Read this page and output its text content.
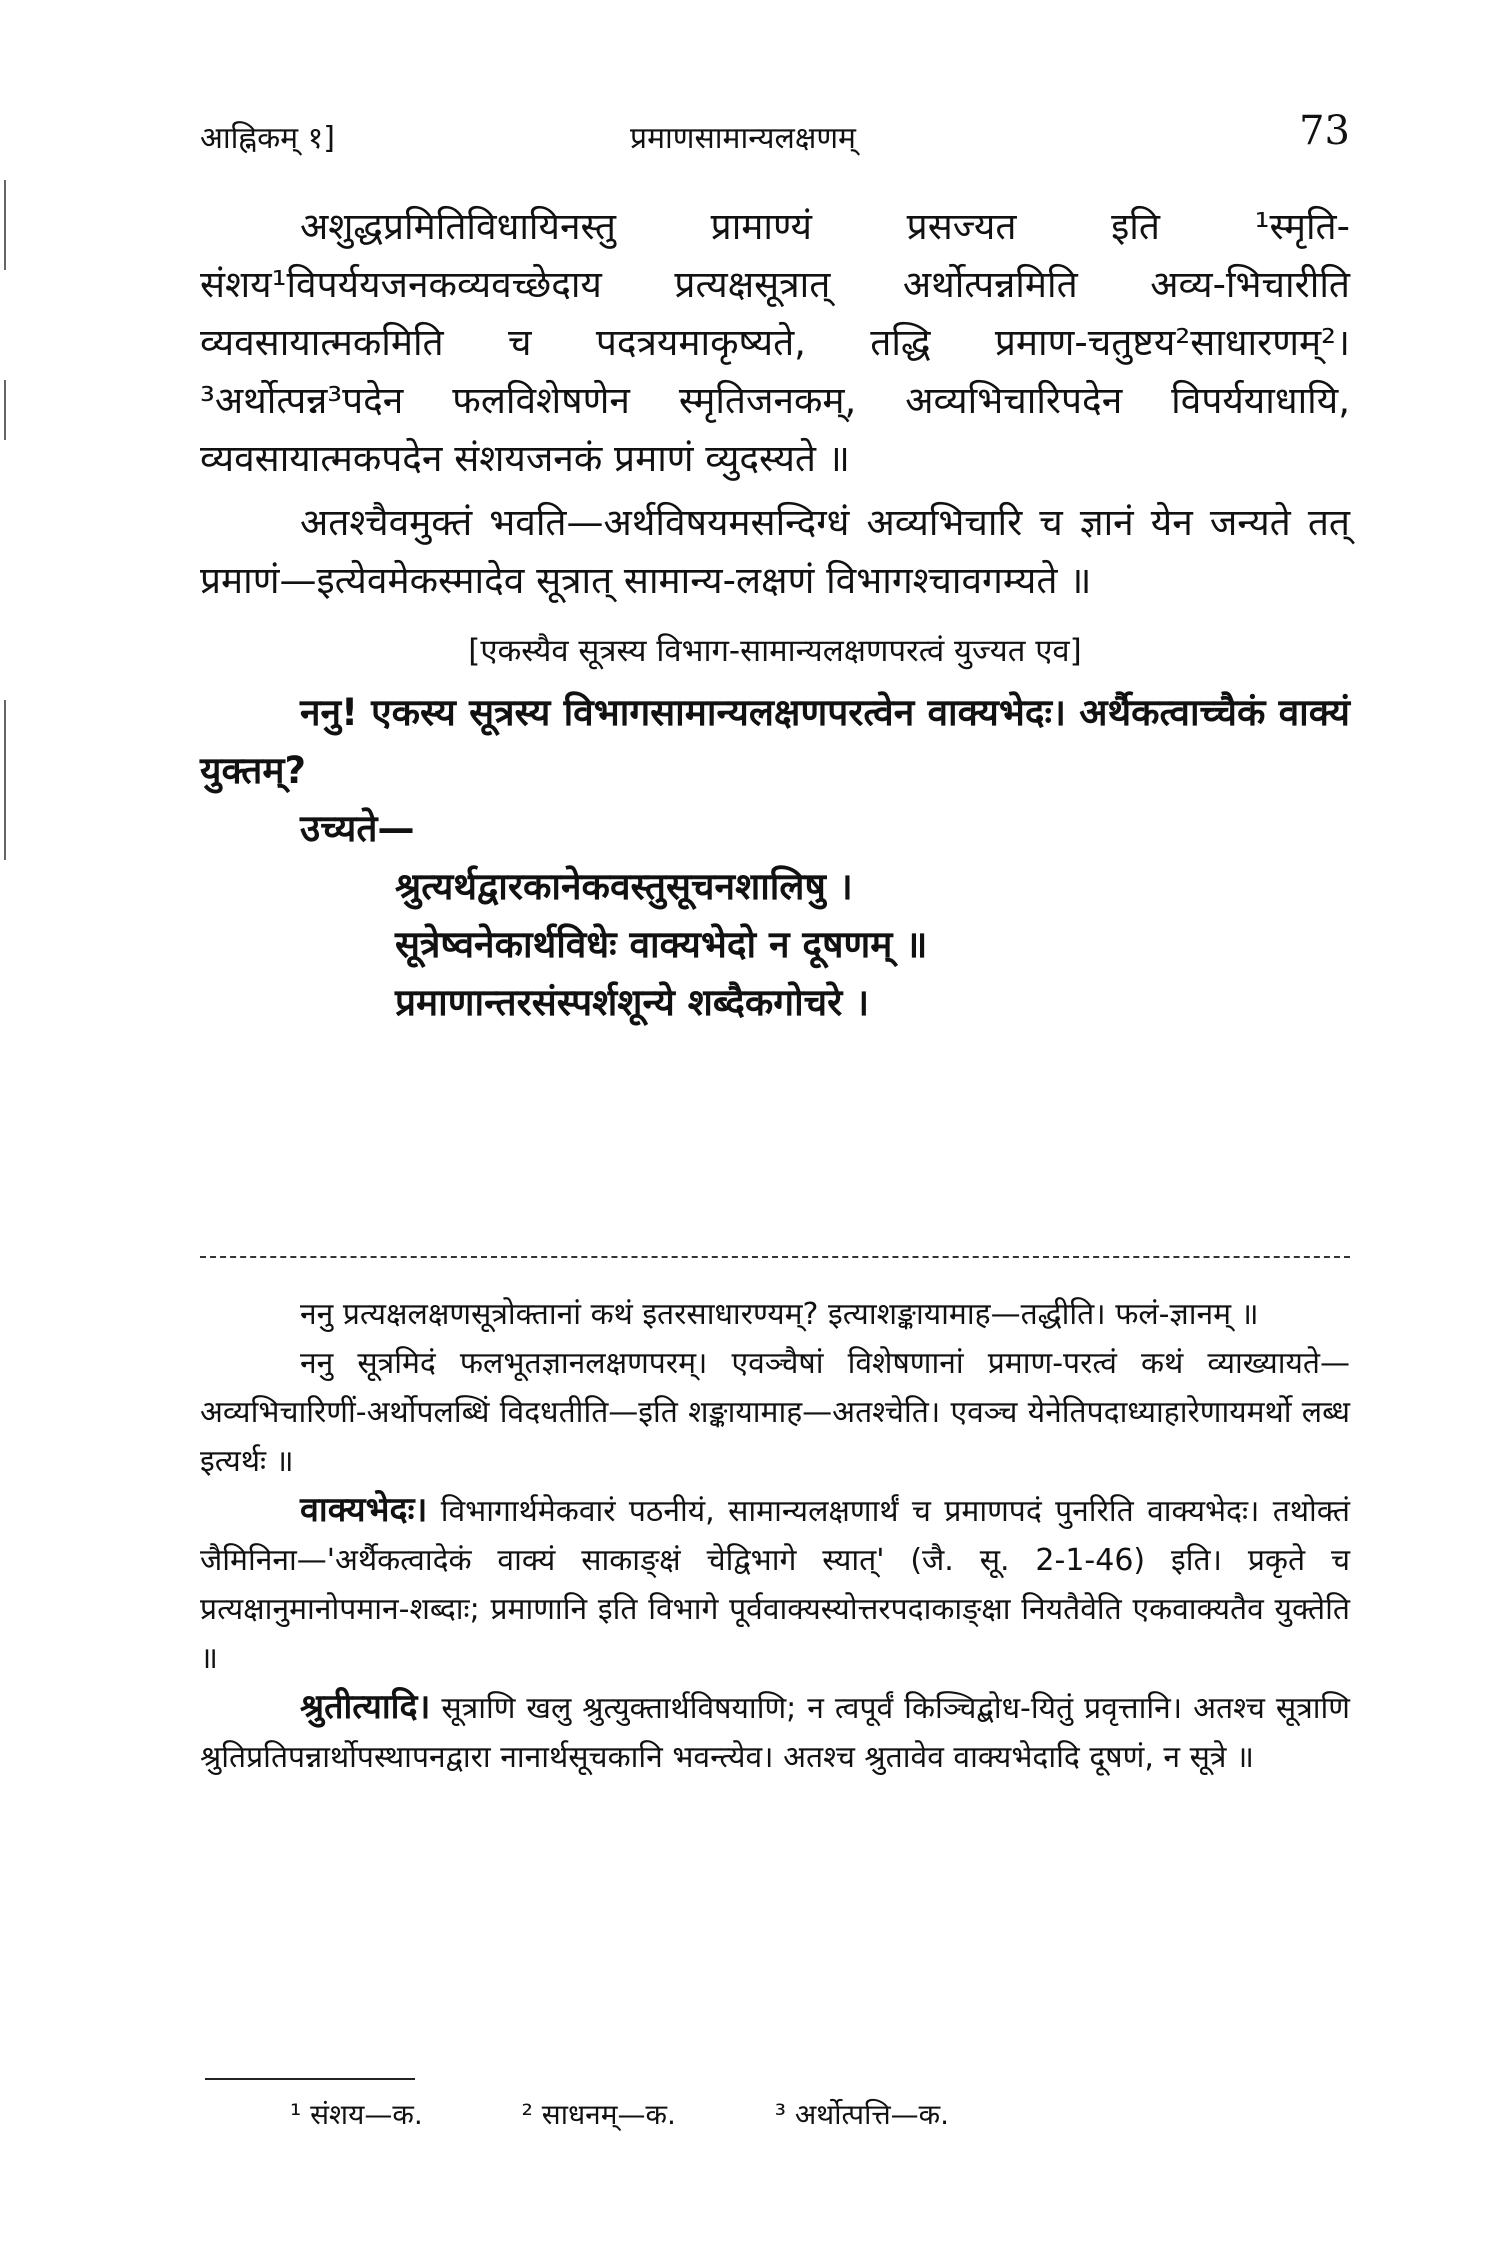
आह्निकम् १]	प्रमाणसामान्यलक्षणम्	73

अशुद्धप्रमितिविधायिनस्तु प्रामाण्यं प्रसज्यत इति ¹स्मृति-संशय¹विपर्ययजनकव्यवच्छेदाय प्रत्यक्षसूत्रात् अर्थोत्पन्नमिति अव्य-भिचारीति व्यवसायात्मकमिति च पदत्रयमाकृष्यते, तद्धि प्रमाण-चतुष्टय²साधारणम्²। ³अर्थोत्पन्न³पदेन फलविशेषणेन स्मृतिजनकम्, अव्यभिचारिपदेन विपर्ययाधायि, व्यवसायात्मकपदेन संशयजनकं प्रमाणं व्युदस्यते ॥

अतश्चैवमुक्तं भवति—अर्थविषयमसन्दिग्धं अव्यभिचारि च ज्ञानं येन जन्यते तत् प्रमाणं—इत्येवमेकस्मादेव सूत्रात् सामान्य-लक्षणं विभागश्चावगम्यते ॥

[एकस्यैव सूत्रस्य विभाग-सामान्यलक्षणपरत्वं युज्यत एव]

ननु! एकस्य सूत्रस्य विभागसामान्यलक्षणपरत्वेन वाक्यभेदः। अर्थैकत्वाच्चैकं वाक्यं युक्तम्?

उच्यते—

श्रुत्यर्थद्वारकानेकवस्तुसूचनशालिषु ।

सूत्रेष्वनेकार्थविधेः वाक्यभेदो न दूषणम् ॥

प्रमाणान्तरसंस्पर्शशून्ये शब्दैकगोचरे ।

ननु प्रत्यक्षलक्षणसूत्रोक्तानां कथं इतरसाधारण्यम्? इत्याशङ्कायामाह—तद्धीति। फलं-ज्ञानम् ॥

ननु सूत्रमिदं फलभूतज्ञानलक्षणपरम्। एवञ्चैषां विशेषणानां प्रमाण-परत्वं कथं व्याख्यायते—अव्यभिचारिणीं-अर्थोपलब्धिं विदधतीति—इति शङ्कायामाह—अतश्चेति। एवञ्च येनेतिपदाध्याहारेणायमर्थो लब्ध इत्यर्थः ॥

वाक्यभेदः। विभागार्थमेकवारं पठनीयं, सामान्यलक्षणार्थं च प्रमाणपदं पुनरिति वाक्यभेदः। तथोक्तं जैमिनिना—'अर्थैकत्वादेकं वाक्यं साकाङ्क्षं चेद्विभागे स्यात्' (जै. सू. 2-1-46) इति। प्रकृते च प्रत्यक्षानुमानोपमान-शब्दाः; प्रमाणानि इति विभागे पूर्ववाक्यस्योत्तरपदाकाङ्क्षा नियतैवेति एकवाक्यतैव युक्तेति ॥

श्रुतीत्यादि। सूत्राणि खलु श्रुत्युक्तार्थविषयाणि; न त्वपूर्वं किञ्चिद्बोध-यितुं प्रवृत्तानि। अतश्च सूत्राणि श्रुतिप्रतिपन्नार्थोपस्थापनद्वारा नानार्थसूचकानि भवन्त्येव। अतश्च श्रुतावेव वाक्यभेदादि दूषणं, न सूत्रे ॥

¹ संशय—क.	² साधनम्—क.	³ अर्थोत्पत्ति—क.
